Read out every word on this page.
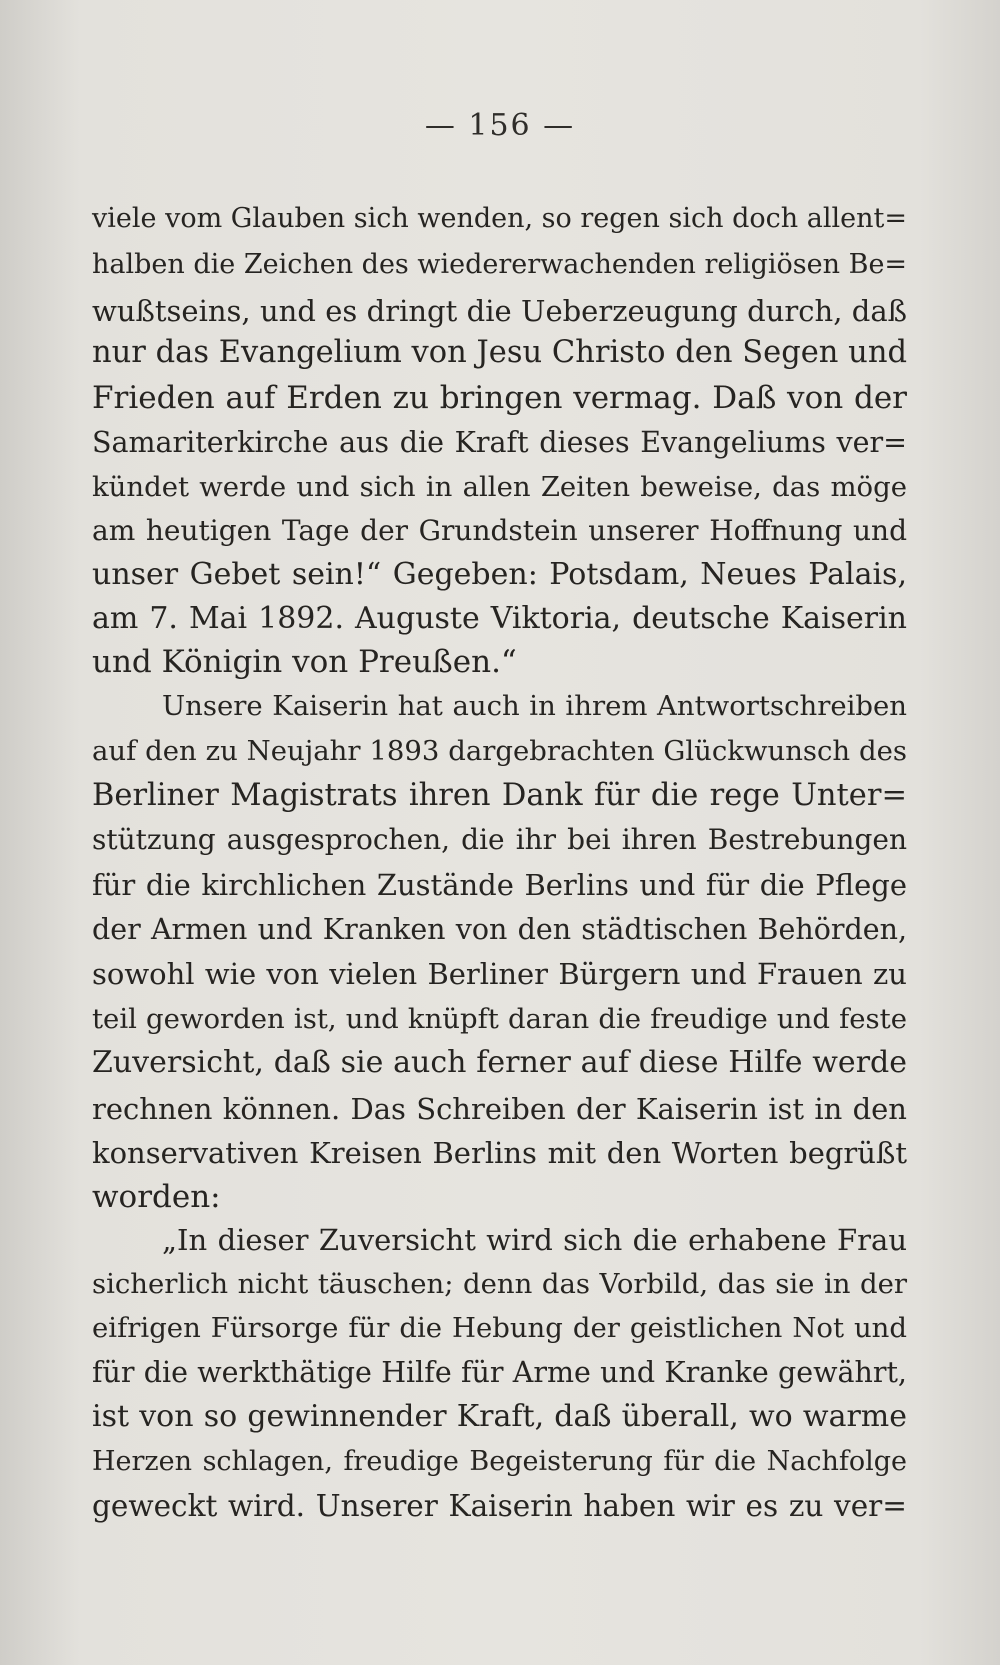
— 156 —
viele vom Glauben sich wenden, so regen sich doch allent=
halben die Zeichen des wiedererwachenden religiösen Be=
wußtseins, und es dringt die Ueberzeugung durch, daß
nur das Evangelium von Jesu Christo den Segen und
Frieden auf Erden zu bringen vermag. Daß von der
Samariterkirche aus die Kraft dieses Evangeliums ver=
kündet werde und sich in allen Zeiten beweise, das möge
am heutigen Tage der Grundstein unserer Hoffnung und
unser Gebet sein!“ Gegeben: Potsdam, Neues Palais,
am 7. Mai 1892. Auguste Viktoria, deutsche Kaiserin
und Königin von Preußen.“
Unsere Kaiserin hat auch in ihrem Antwortschreiben
auf den zu Neujahr 1893 dargebrachten Glückwunsch des
Berliner Magistrats ihren Dank für die rege Unter=
stützung ausgesprochen, die ihr bei ihren Bestrebungen
für die kirchlichen Zustände Berlins und für die Pflege
der Armen und Kranken von den städtischen Behörden,
sowohl wie von vielen Berliner Bürgern und Frauen zu
teil geworden ist, und knüpft daran die freudige und feste
Zuversicht, daß sie auch ferner auf diese Hilfe werde
rechnen können. Das Schreiben der Kaiserin ist in den
konservativen Kreisen Berlins mit den Worten begrüßt
worden:
„In dieser Zuversicht wird sich die erhabene Frau
sicherlich nicht täuschen; denn das Vorbild, das sie in der
eifrigen Fürsorge für die Hebung der geistlichen Not und
für die werkthätige Hilfe für Arme und Kranke gewährt,
ist von so gewinnender Kraft, daß überall, wo warme
Herzen schlagen, freudige Begeisterung für die Nachfolge
geweckt wird. Unserer Kaiserin haben wir es zu ver=
